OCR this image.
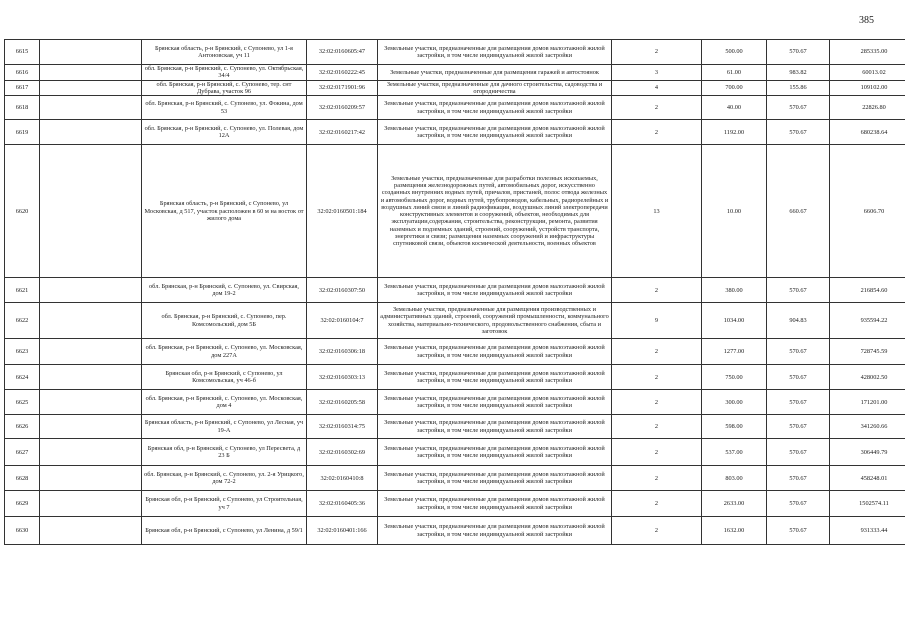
385
6615		Брянская область, р-н Брянский, с Супонево, ул 1-я Антоновская, уч 11	32:02:0160605:47	Земельные участки, предназначенные для размещения домов малоэтажной жилой застройки, в том числе индивидуальной жилой застройки	2	500.00	570.67	285335.00
6616		обл. Брянская, р-н Брянский, с. Супонево, ул. Октябрьская, 34/4	32:02:0160222:45	Земельные участки, предназначенные для размещения гаражей и автостоянок	3	61.00	983.82	60013.02
6617		обл. Брянская, р-н Брянский, с. Супонево, тер. снт Дубрава, участок 96	32:02:0171901:96	Земельные участки, предназначенные для дачного строительства, садоводства и огородничества	4	700.00	155.86	109102.00
6618		обл. Брянская, р-н Брянский, с. Супонево, ул. Фокина, дом 53	32:02:0160209:57	Земельные участки, предназначенные для размещения домов малоэтажной жилой застройки, в том числе индивидуальной жилой застройки	2	40.00	570.67	22826.80
6619		обл. Брянская, р-н Брянский, с. Супонево, ул. Полевая, дом 12А	32:02:0160217:42	Земельные участки, предназначенные для размещения домов малоэтажной жилой застройки, в том числе индивидуальной жилой застройки	2	1192.00	570.67	680238.64
6620		Брянская область, р-н Брянский, с Супонево, ул Московская, д 517, участок расположен в 60 м на восток от жилого дома	32:02:0160501:184	Земельные участки, предназначенные для разработки полезных ископаемых, размещения железнодорожных путей, автомобильных дорог, искусственно созданных внутренних водных путей, причалов, пристаней, полос отвода железных и автомобильных дорог, водных путей, трубопроводов, кабельных, радиорелейных и воздушных линий связи и линий радиофикации, воздушных линий электропередачи конструктивных элементов и сооружений, объектов, необходимых для эксплуатации,содержания, строительства, реконструкции, ремонта, развития наземных и подземных зданий, строений, сооружений, устройств транспорта, энергетики и связи; размещения наземных сооружений и инфраструктуры спутниковой связи, объектов космической деятельности, военных объектов	13	10.00	660.67	6606.70
6621		обл. Брянская, р-н Брянский, с. Супонево, ул. Свирская, дом 19-2	32:02:0160307:50	Земельные участки, предназначенные для размещения домов малоэтажной жилой застройки, в том числе индивидуальной жилой застройки	2	380.00	570.67	216854.60
6622		обл. Брянская, р-н Брянский, с. Супонево, пер. Комсомольский, дом 5Б	32:02:0160104:7	Земельные участки, предназначенные для размещения производственных и административных зданий, строений, сооружений промышленности, коммунального хозяйства, материально-технического, продовольственного снабжения, сбыта и заготовок	9	1034.00	904.83	935594.22
6623		обл. Брянская, р-н Брянский, с. Супонево, ул. Московская, дом 227А	32:02:0160306:18	Земельные участки, предназначенные для размещения домов малоэтажной жилой застройки, в том числе индивидуальной жилой застройки	2	1277.00	570.67	728745.59
6624		Брянская обл, р-н Брянский, с Супонево, ул Комсомольская, уч 46-б	32:02:0160303:13	Земельные участки, предназначенные для размещения домов малоэтажной жилой застройки, в том числе индивидуальной жилой застройки	2	750.00	570.67	428002.50
6625		обл. Брянская, р-н Брянский, с. Супонево, ул. Московская, дом 4	32:02:0160205:58	Земельные участки, предназначенные для размещения домов малоэтажной жилой застройки, в том числе индивидуальной жилой застройки	2	300.00	570.67	171201.00
6626		Брянская область, р-н Брянский, с Супонево, ул Лесная, уч 19-А	32:02:0160314:75	Земельные участки, предназначенные для размещения домов малоэтажной жилой застройки, в том числе индивидуальной жилой застройки	2	598.00	570.67	341260.66
6627		Брянская обл, р-н Брянский, с Супонево, ул Пересвета, д 23 Б	32:02:0160302:69	Земельные участки, предназначенные для размещения домов малоэтажной жилой застройки, в том числе индивидуальной жилой застройки	2	537.00	570.67	306449.79
6628		обл. Брянская, р-н Брянский, с. Супонево, ул. 2-я Урицкого, дом 72-2	32:02:0160410:8	Земельные участки, предназначенные для размещения домов малоэтажной жилой застройки, в том числе индивидуальной жилой застройки	2	803.00	570.67	458248.01
6629		Брянская обл, р-н Брянский, с Супонево, ул Строительная, уч 7	32:02:0160405:36	Земельные участки, предназначенные для размещения домов малоэтажной жилой застройки, в том числе индивидуальной жилой застройки	2	2633.00	570.67	1502574.11
6630		Брянская обл, р-н Брянский, с Супонево, ул Ленина, д 59/1	32:02:0160401:166	Земельные участки, предназначенные для размещения домов малоэтажной жилой застройки, в том числе индивидуальной жилой застройки	2	1632.00	570.67	931333.44
